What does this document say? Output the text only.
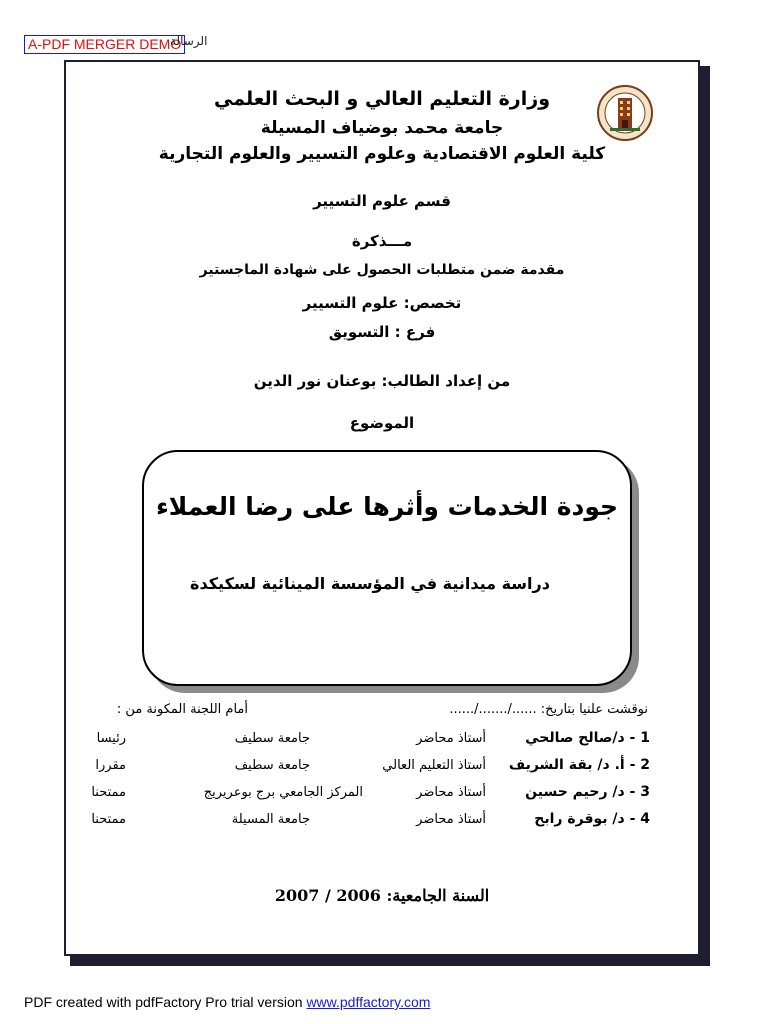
A-PDF MERGER DEMO
الرسالة
وزارة التعليم العالي و البحث العلمي
جامعة محمد بوضياف المسيلة
كلية العلوم الاقتصادية وعلوم التسيير والعلوم التجارية
قسم علوم التسيير
مـــذكرة
مقدمة ضمن متطلبات الحصول على شهادة الماجستير
تخصص: علوم التسيير
فرع : التسويق
من إعداد الطالب: بوعنان نور الدين
الموضوع
جودة الخدمات وأثرها على رضا العملاء
دراسة ميدانية في المؤسسة المينائية لسكيكدة
نوقشت علنيا بتاريخ: ....../......./......
أمام اللجنة المكونة من :
1 - د/صالح صالحي
أستاذ محاضر
جامعة سطيف
رئيسا
2 - أ. د/ بقة الشريف
أستاذ التعليم العالي
جامعة سطيف
مقررا
3 - د/ رحيم حسين
أستاذ محاضر
المركز الجامعي برج بوعريريج
ممتحنا
4 - د/ بوقرة رابح
أستاذ محاضر
جامعة المسيلة
ممتحنا
السنة الجامعية: 2006 / 2007
PDF created with pdfFactory Pro trial version www.pdffactory.com
